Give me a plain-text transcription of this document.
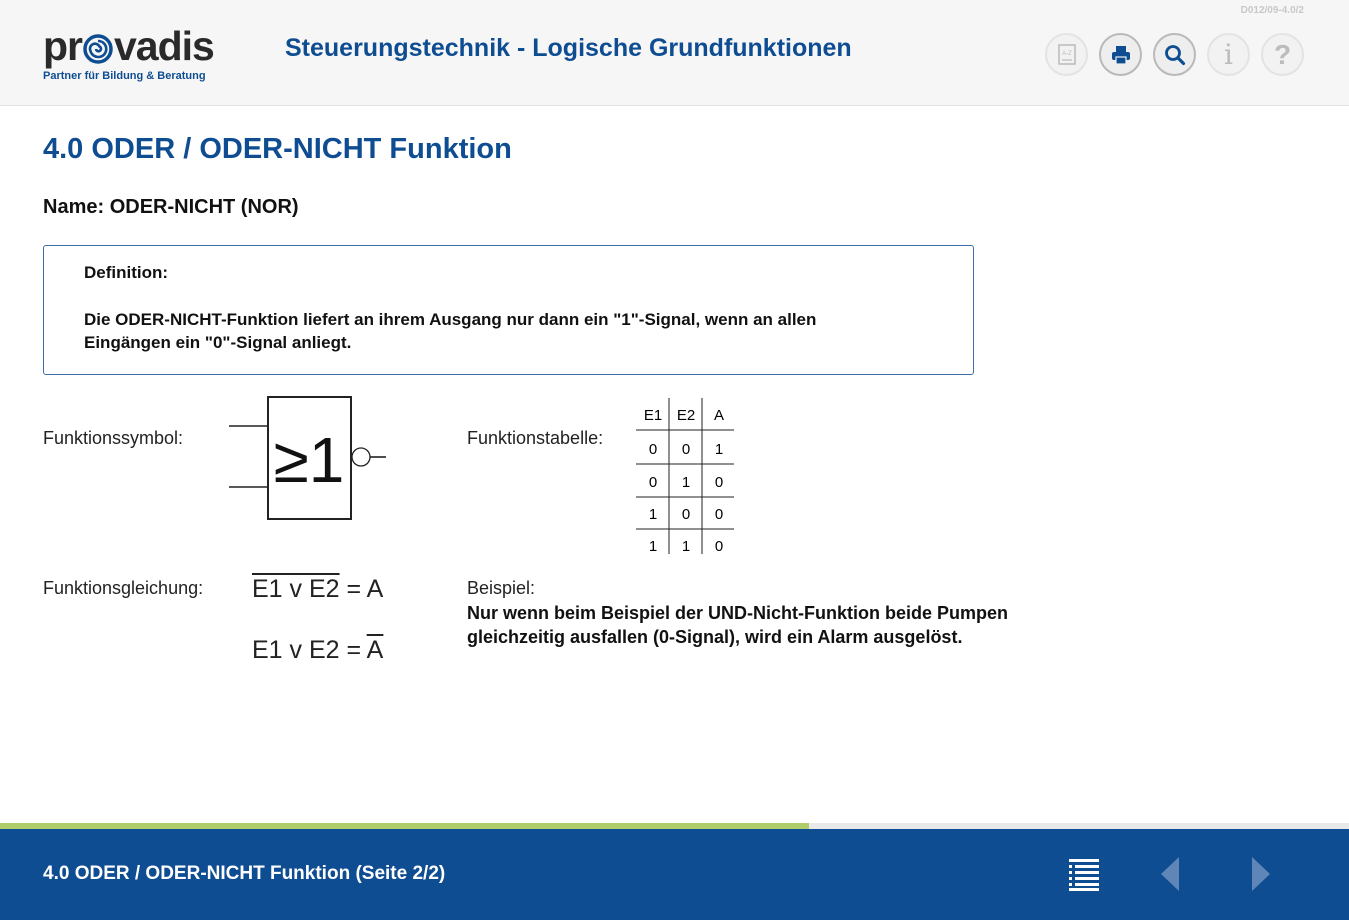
D012/09-4.0/2
pr vadis
Partner für Bildung & Beratung
Steuerungstechnik - Logische Grundfunktionen	A-Z	i ?
4.0 ODER / ODER-NICHT Funktion
Name: ODER-NICHT (NOR)
Definition:
Die ODER-NICHT-Funktion liefert an ihrem Ausgang nur dann ein "1"-Signal, wenn an allen Eingängen ein "0"-Signal anliegt.
Funktionssymbol: ≥1	Funktionstabelle:
E1 E2 A
0 0 1
0 1 0
1 0 0
1 1 0
Funktionsgleichung: E1 v E2 = A
E1 v $E2 = \overline{A}$
Beispiel:
Nur wenn beim Beispiel der UND-Nicht-Funktion beide Pumpen gleichzeitig ausfallen (0-Signal), wird ein Alarm ausgelöst.
4.0 ODER / ODER-NICHT Funktion (Seite 2/2)
